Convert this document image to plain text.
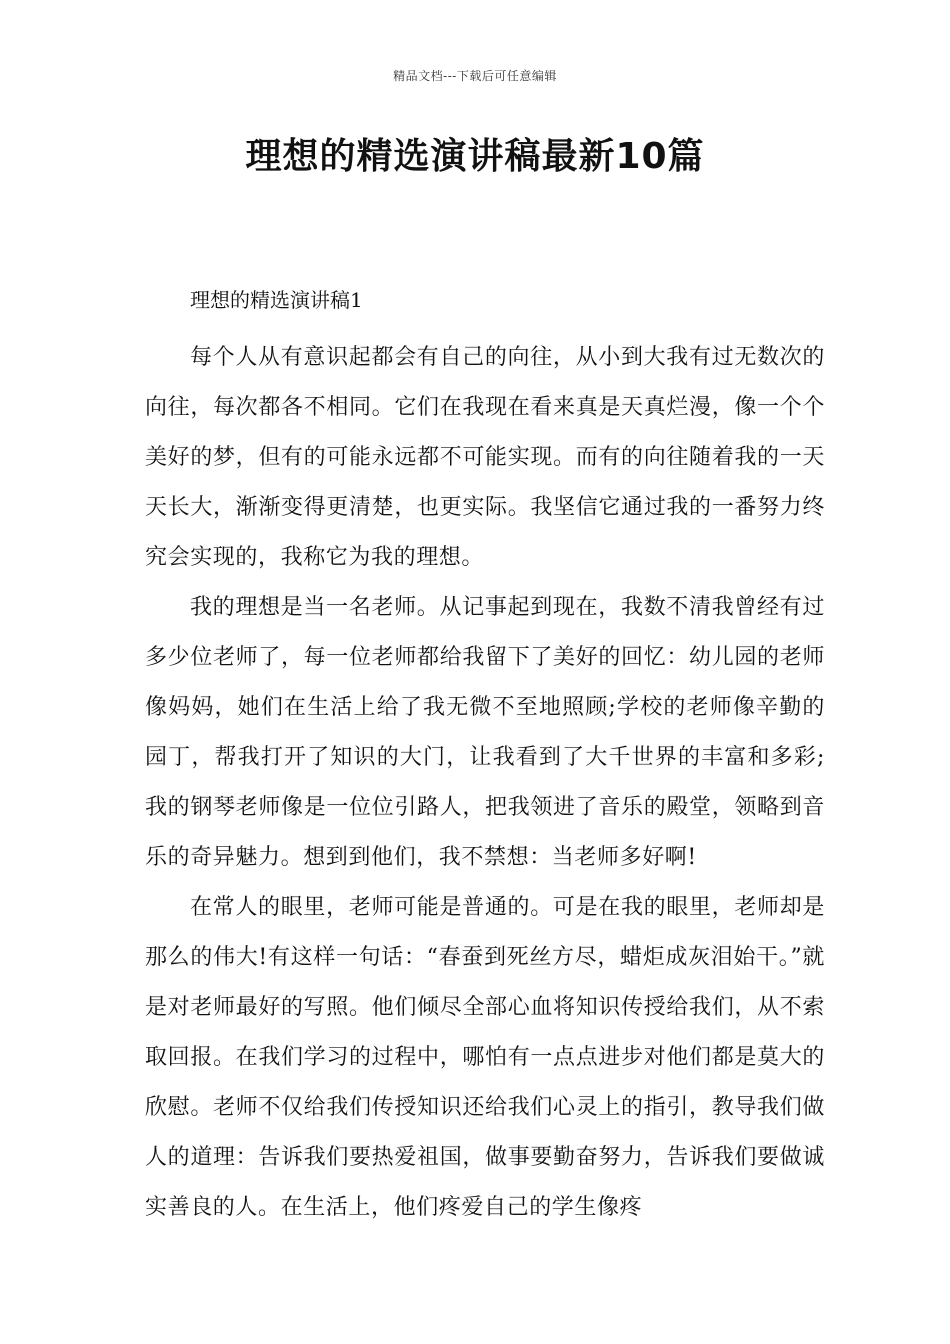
精品文档---下载后可任意编辑
理想的精选演讲稿最新10篇
理想的精选演讲稿1

每个人从有意识起都会有自己的向往，从小到大我有过无数次的向往，每次都各不相同。它们在我现在看来真是天真烂漫，像一个个美好的梦，但有的可能永远都不可能实现。而有的向往随着我的一天天长大，渐渐变得更清楚，也更实际。我坚信它通过我的一番努力终究会实现的，我称它为我的理想。

我的理想是当一名老师。从记事起到现在，我数不清我曾经有过多少位老师了，每一位老师都给我留下了美好的回忆：幼儿园的老师像妈妈，她们在生活上给了我无微不至地照顾;学校的老师像辛勤的园丁，帮我打开了知识的大门，让我看到了大千世界的丰富和多彩;我的钢琴老师像是一位位引路人，把我领进了音乐的殿堂，领略到音乐的奇异魅力。想到到他们，我不禁想：当老师多好啊!

在常人的眼里，老师可能是普通的。可是在我的眼里，老师却是那么的伟大!有这样一句话：“春蚕到死丝方尽，蜡炬成灰泪始干。”就是对老师最好的写照。他们倾尽全部心血将知识传授给我们，从不索取回报。在我们学习的过程中，哪怕有一点点进步对他们都是莫大的欣慰。老师不仅给我们传授知识还给我们心灵上的指引，教导我们做人的道理：告诉我们要热爱祖国，做事要勤奋努力，告诉我们要做诚实善良的人。在生活上，他们疼爱自己的学生像疼
